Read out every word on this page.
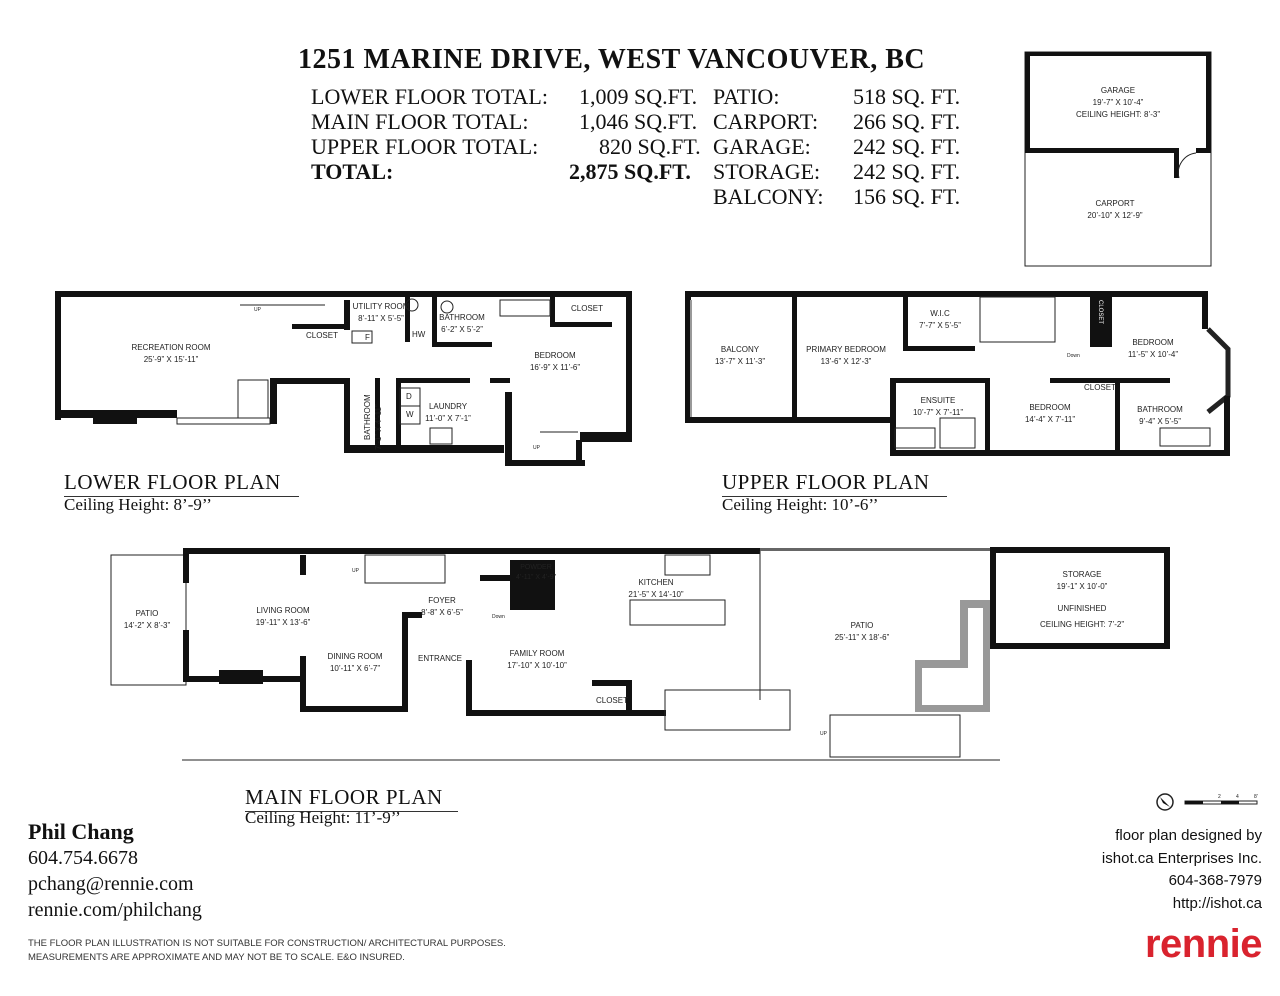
1251 MARINE DRIVE, WEST VANCOUVER, BC
LOWER FLOOR TOTAL:
MAIN FLOOR TOTAL:
UPPER FLOOR TOTAL:
TOTAL:
1,009 SQ.FT.
1,046 SQ.FT.
820 SQ.FT.
2,875 SQ.FT.
PATIO:
CARPORT:
GARAGE:
STORAGE:
BALCONY:
518 SQ. FT.
266 SQ. FT.
242 SQ. FT.
242 SQ. FT.
156 SQ. FT.
GARAGE
19’-7” X 10’-4”
CEILING HEIGHT: 8’-3”
CARPORT
20’-10” X 12’-9”
RECREATION ROOM
25’-9” X 15’-11”
UTILITY ROOM
8’-11” X 5’-5”
CLOSET
BATHROOM
6’-2” X 5’-2”
CLOSET
BEDROOM
16’-9” X 11’-6”
LAUNDRY
11’-0” X 7’-1”
BATHROOM 7’-1” X 4’-11”
HW
F
D
W
UP
UP
BALCONY
13’-7” X 11’-3”
PRIMARY BEDROOM
13’-6” X 12’-3”
W.I.C
7’-7” X 5’-5”
ENSUITE
10’-7” X 7’-11”
BEDROOM
14’-4” X 7’-11”
BEDROOM
11’-5” X 10’-4”
BATHROOM
9’-4” X 5’-5”
CLOSET
CLOSET
Down
PATIO
14’-2” X 8’-3”
LIVING ROOM
19’-11” X 13’-6”
DINING ROOM
10’-11” X 6’-7”
FOYER
8’-8” X 6’-5”
ENTRANCE
POWDER
4’-11” X 4’-9”
KITCHEN
21’-5” X 14’-10”
FAMILY ROOM
17’-10” X 10’-10”
CLOSET
PATIO
25’-11” X 18’-6”
STORAGE
19’-1” X 10’-0”
UNFINISHED
CEILING HEIGHT: 7’-2”
Down
UP
UP
2	4	8'
LOWER FLOOR PLAN
Ceiling Height: 8’-9’’
UPPER FLOOR PLAN
Ceiling Height: 10’-6’’
MAIN FLOOR PLAN
Ceiling Height: 11’-9’’
Phil Chang
604.754.6678
pchang@rennie.com
rennie.com/philchang
THE FLOOR PLAN ILLUSTRATION IS NOT SUITABLE FOR CONSTRUCTION/ ARCHITECTURAL PURPOSES.
MEASUREMENTS ARE APPROXIMATE AND MAY NOT BE TO SCALE. E&O INSURED.
floor plan designed by
ishot.ca Enterprises Inc.
604-368-7979
http://ishot.ca
rennie
